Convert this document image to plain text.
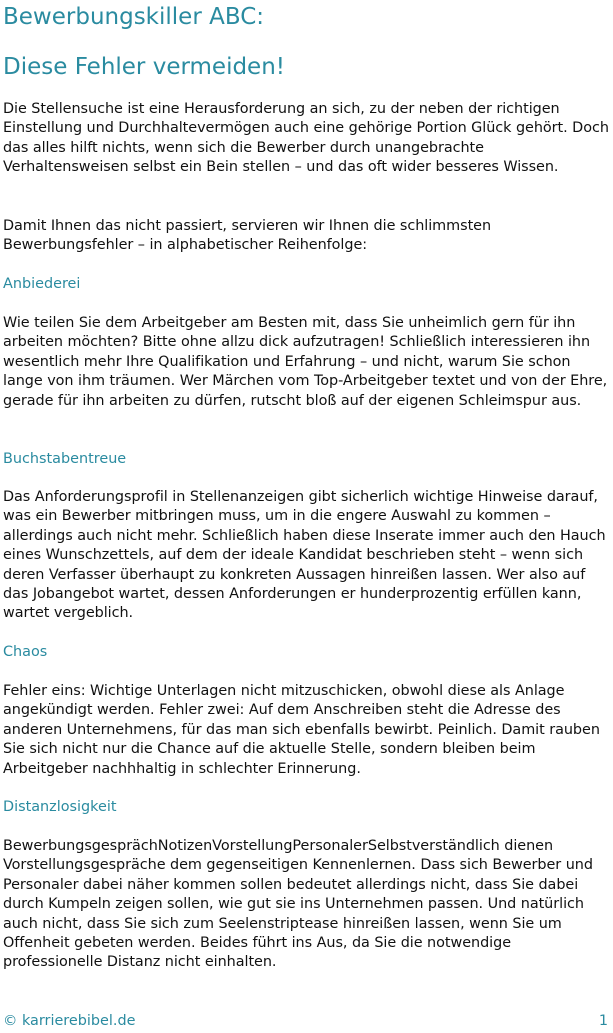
Bewerbungskiller ABC:
Diese Fehler vermeiden!

Die Stellensuche ist eine Herausforderung an sich, zu der neben der richtigen Einstellung und Durchhaltevermögen auch eine gehörige Portion Glück gehört. Doch das alles hilft nichts, wenn sich die Bewerber durch unangebrachte Verhaltensweisen selbst ein Bein stellen – und das oft wider besseres Wissen.

Damit Ihnen das nicht passiert, servieren wir Ihnen die schlimmsten Bewerbungsfehler – in alphabetischer Reihenfolge:

Anbiederei

Wie teilen Sie dem Arbeitgeber am Besten mit, dass Sie unheimlich gern für ihn arbeiten möchten? Bitte ohne allzu dick aufzutragen! Schließlich interessieren ihn wesentlich mehr Ihre Qualifikation und Erfahrung – und nicht, warum Sie schon lange von ihm träumen. Wer Märchen vom Top-Arbeitgeber textet und von der Ehre, gerade für ihn arbeiten zu dürfen, rutscht bloß auf der eigenen Schleimspur aus.

Buchstabentreue

Das Anforderungsprofil in Stellenanzeigen gibt sicherlich wichtige Hinweise darauf, was ein Bewerber mitbringen muss, um in die engere Auswahl zu kommen – allerdings auch nicht mehr. Schließlich haben diese Inserate immer auch den Hauch eines Wunschzettels, auf dem der ideale Kandidat beschrieben steht – wenn sich deren Verfasser überhaupt zu konkreten Aussagen hinreißen lassen. Wer also auf das Jobangebot wartet, dessen Anforderungen er hunderprozentig erfüllen kann, wartet vergeblich.

Chaos

Fehler eins: Wichtige Unterlagen nicht mitzuschicken, obwohl diese als Anlage angekündigt werden. Fehler zwei: Auf dem Anschreiben steht die Adresse des anderen Unternehmens, für das man sich ebenfalls bewirbt. Peinlich. Damit rauben Sie sich nicht nur die Chance auf die aktuelle Stelle, sondern bleiben beim Arbeitgeber nachhhaltig in schlechter Erinnerung.

Distanzlosigkeit

BewerbungsgesprächNotizenVorstellungPersonalerSelbstverständlich dienen Vorstellungsgespräche dem gegenseitigen Kennenlernen. Dass sich Bewerber und Personaler dabei näher kommen sollen bedeutet allerdings nicht, dass Sie dabei durch Kumpeln zeigen sollen, wie gut sie ins Unternehmen passen. Und natürlich auch nicht, dass Sie sich zum Seelenstriptease hinreißen lassen, wenn Sie um Offenheit gebeten werden. Beides führt ins Aus, da Sie die notwendige professionelle Distanz nicht einhalten.

© karrierebibel.de	1
